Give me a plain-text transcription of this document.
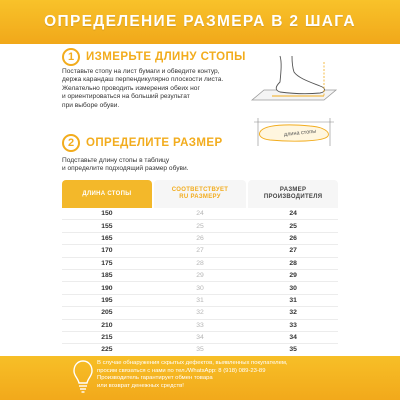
ОПРЕДЕЛЕНИЕ РАЗМЕРА В 2 ШАГА
1	ИЗМЕРЬТЕ ДЛИНУ СТОПЫ
Поставьте стопу на лист бумаги и обведите контур,
держа карандаш перпендикулярно плоскости листа.
Желательно проводить измерения обеих ног
и ориентироваться на больший результат
при выборе обуви.
длина стопы
2	ОПРЕДЕЛИТЕ РАЗМЕР
Подставьте длину стопы в таблицу
и определите подходящий размер обуви.
ДЛИНА СТОПЫ
СООТВЕТСТВУЕТ
RU РАЗМЕРУ
РАЗМЕР
ПРОИЗВОДИТЕЛЯ
150	24	24
155	25	25
165	26	26
170	27	27
175	28	28
185	29	29
190	30	30
195	31	31
205	32	32
210	33	33
215	34	34
225	35	35
В случае обнаружения скрытых дефектов, выявленных покупателем,
просим связаться с нами по тел./WhatsApp: 8 (918) 089-23-89
Производитель гарантирует обмен товара
или возврат денежных средств!
